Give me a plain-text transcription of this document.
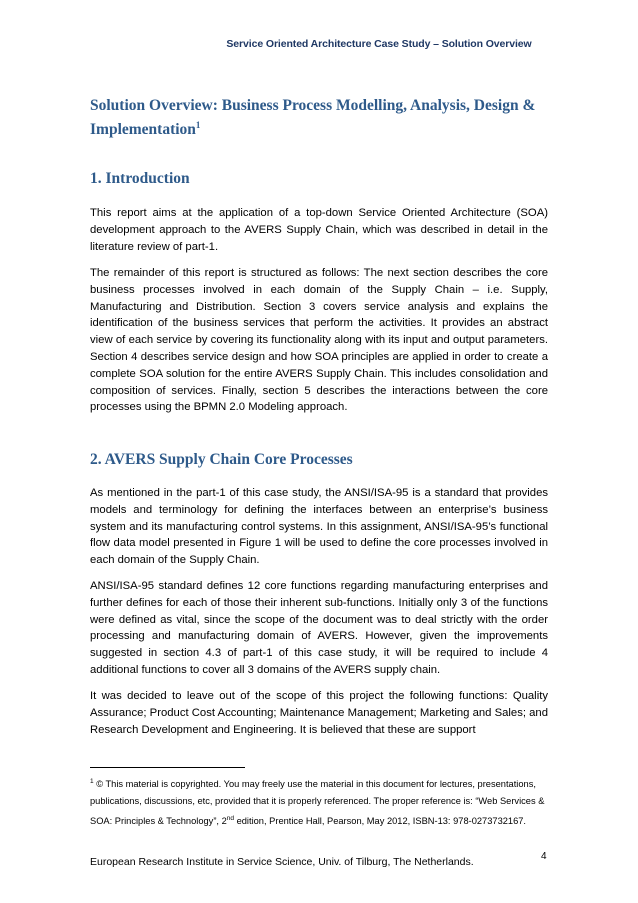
Service Oriented Architecture Case Study – Solution Overview
Solution Overview: Business Process Modelling, Analysis, Design & Implementation$^1$
1. Introduction

This report aims at the application of a top-down Service Oriented Architecture (SOA) development approach to the AVERS Supply Chain, which was described in detail in the literature review of part-1.

The remainder of this report is structured as follows: The next section describes the core business processes involved in each domain of the Supply Chain – i.e. Supply, Manufacturing and Distribution. Section 3 covers service analysis and explains the identification of the business services that perform the activities. It provides an abstract view of each service by covering its functionality along with its input and output parameters. Section 4 describes service design and how SOA principles are applied in order to create a complete SOA solution for the entire AVERS Supply Chain. This includes consolidation and composition of services. Finally, section 5 describes the interactions between the core processes using the BPMN 2.0 Modeling approach.

2. AVERS Supply Chain Core Processes

As mentioned in the part-1 of this case study, the ANSI/ISA-95 is a standard that provides models and terminology for defining the interfaces between an enterprise’s business system and its manufacturing control systems. In this assignment, ANSI/ISA-95’s functional flow data model presented in Figure 1 will be used to define the core processes involved in each domain of the Supply Chain.

ANSI/ISA-95 standard defines 12 core functions regarding manufacturing enterprises and further defines for each of those their inherent sub-functions. Initially only 3 of the functions were defined as vital, since the scope of the document was to deal strictly with the order processing and manufacturing domain of AVERS. However, given the improvements suggested in section 4.3 of part-1 of this case study, it will be required to include 4 additional functions to cover all 3 domains of the AVERS supply chain.

It was decided to leave out of the scope of this project the following functions: Quality Assurance; Product Cost Accounting; Maintenance Management; Marketing and Sales; and Research Development and Engineering. It is believed that these are support

$^1$ © This material is copyrighted. You may freely use the material in this document for lectures, presentations, publications, discussions, etc, provided that it is properly referenced. The proper reference is: “Web Services & SOA: Principles & Technology”, 2nd edition, Prentice Hall, Pearson, May 2012, ISBN-13: 978-0273732167.

European Research Institute in Service Science, Univ. of Tilburg, The Netherlands.	4
